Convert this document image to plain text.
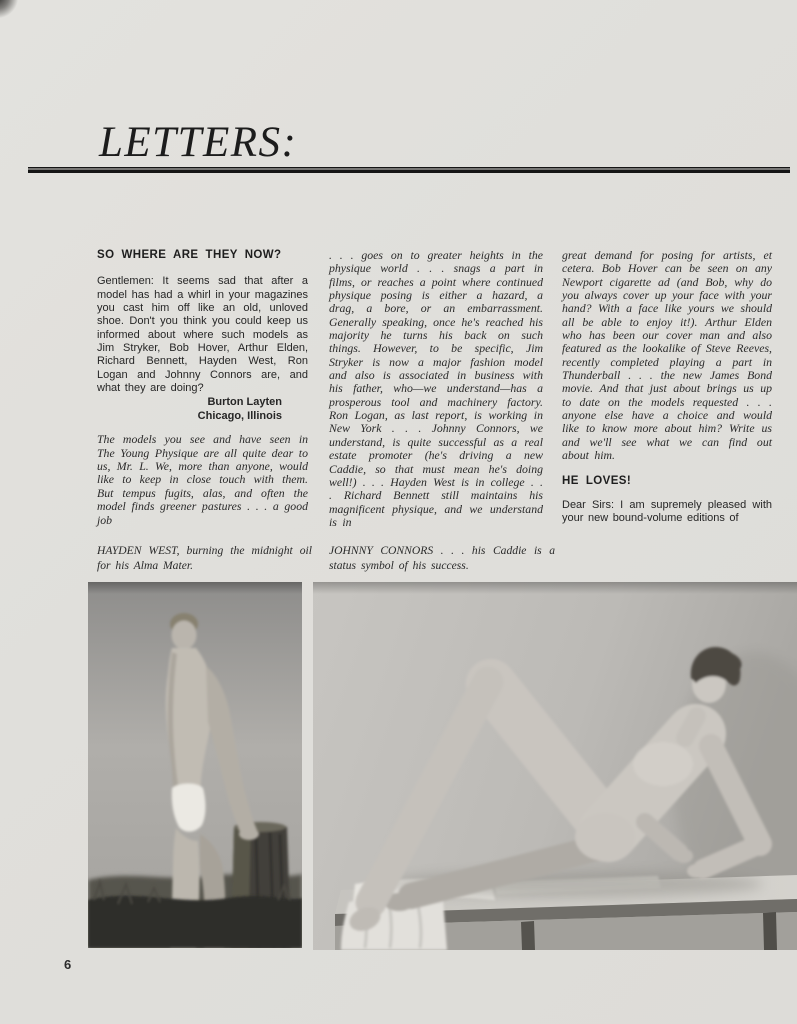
LETTERS:
SO WHERE ARE THEY NOW?

Gentlemen: It seems sad that after a model has had a whirl in your magazines you cast him off like an old, unloved shoe. Don't you think you could keep us informed about where such models as Jim Stryker, Bob Hover, Arthur Elden, Richard Bennett, Hayden West, Ron Logan and Johnny Connors are, and what they are doing?

Burton Layten
Chicago, Illinois

The models you see and have seen in The Young Physique are all quite dear to us, Mr. L. We, more than anyone, would like to keep in close touch with them. But tempus fugits, alas, and often the model finds greener pastures . . . a good job

. . . goes on to greater heights in the physique world . . . snags a part in films, or reaches a point where continued physique posing is either a hazard, a drag, a bore, or an embarrassment. Generally speaking, once he's reached his majority he turns his back on such things. However, to be specific, Jim Stryker is now a major fashion model and also is associated in business with his father, who—we understand—has a prosperous tool and machinery factory. Ron Logan, as last report, is working in New York . . . Johnny Connors, we understand, is quite successful as a real estate promoter (he's driving a new Caddie, so that must mean he's doing well!) . . . Hayden West is in college . . . Richard Bennett still maintains his magnificent physique, and we understand is in

great demand for posing for artists, et cetera. Bob Hover can be seen on any Newport cigarette ad (and Bob, why do you always cover up your face with your hand? With a face like yours we should all be able to enjoy it!). Arthur Elden who has been our cover man and also featured as the lookalike of Steve Reeves, recently completed playing a part in Thunderball . . . the new James Bond movie. And that just about brings us up to date on the models requested . . . anyone else have a choice and would like to know more about him? Write us and we'll see what we can find out about him.

HE LOVES!

Dear Sirs: I am supremely pleased with your new bound-volume editions of

HAYDEN WEST, burning the midnight oil for his Alma Mater.
JOHNNY CONNORS . . . his Caddie is a status symbol of his success.
6
